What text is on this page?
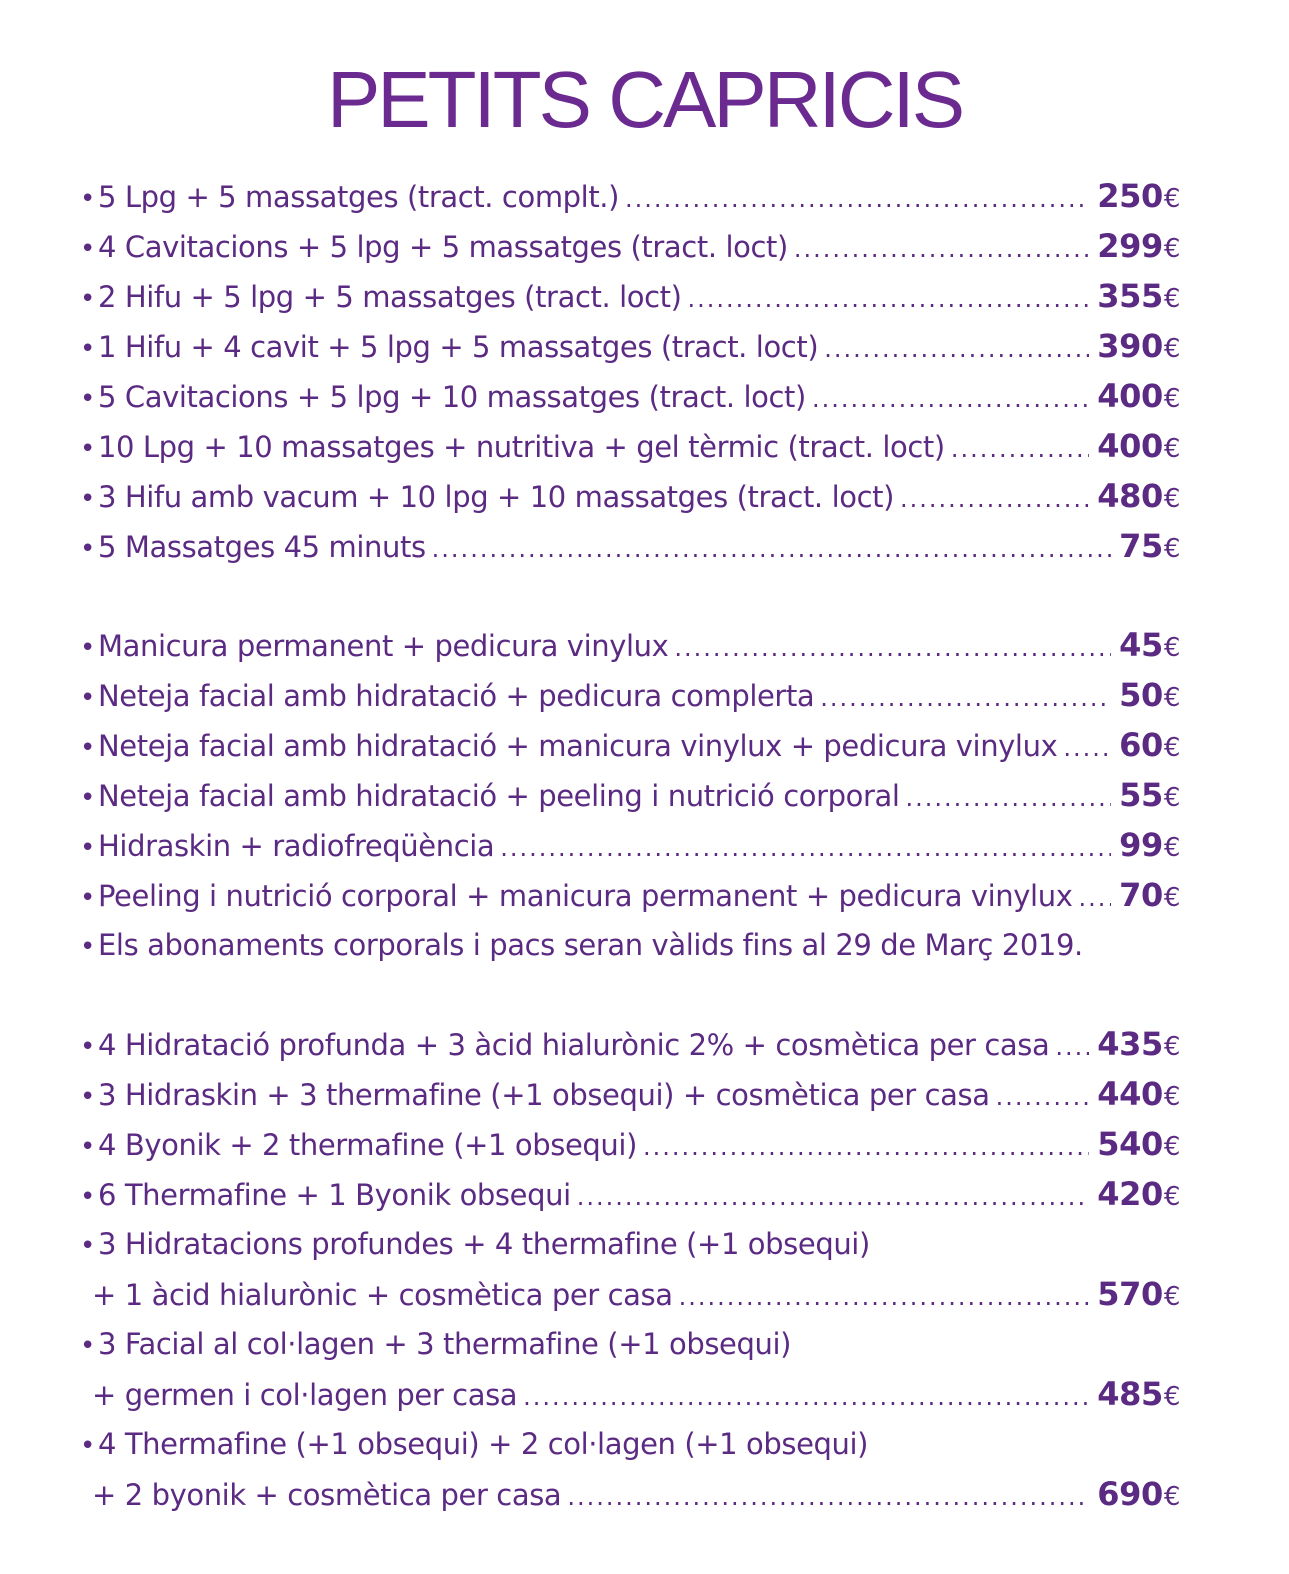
PETITS CAPRICIS
• 5 Lpg + 5 massatges (tract. complt.) .....	250€
• 4 Cavitacions + 5 lpg + 5 massatges (tract. loct) .....	299€
• 2 Hifu + 5 lpg + 5 massatges (tract. loct) .....	355€
• 1 Hifu + 4 cavit + 5 lpg + 5 massatges (tract. loct) .....	390€
• 5 Cavitacions + 5 lpg + 10 massatges (tract. loct) .....	400€
• 10 Lpg + 10 massatges + nutritiva + gel tèrmic (tract. loct) .....	400€
• 3 Hifu amb vacum + 10 lpg + 10 massatges (tract. loct) .....	480€
• 5 Massatges 45 minuts .....	75€
• Manicura permanent + pedicura vinylux .....	45€
• Neteja facial amb hidratació + pedicura complerta .....	50€
• Neteja facial amb hidratació + manicura vinylux + pedicura vinylux ..... 60€
• Neteja facial amb hidratació + peeling i nutrició corporal .....	55€
• Hidraskin + radiofreqüència .....	99€
• Peeling i nutrició corporal + manicura permanent + pedicura vinylux ..... 70€
• Els abonaments corporals i pacs seran vàlids fins al 29 de Març 2019.
• 4 Hidratació profunda + 3 àcid hialurònic 2% + cosmètica per casa ..... 435€
• 3 Hidraskin + 3 thermafine (+1 obsequi) + cosmètica per casa .....	440€
• 4 Byonik + 2 thermafine (+1 obsequi) .....	540€
• 6 Thermafine + 1 Byonik obsequi .....	420€
• 3 Hidratacions profundes + 4 thermafine (+1 obsequi)
+ 1 àcid hialurònic + cosmètica per casa .....	570€
• 3 Facial al col·lagen + 3 thermafine (+1 obsequi)
+ germen i col·lagen per casa .....	485€
• 4 Thermafine (+1 obsequi) + 2 col·lagen (+1 obsequi)
+ 2 byonik + cosmètica per casa .....	690€
